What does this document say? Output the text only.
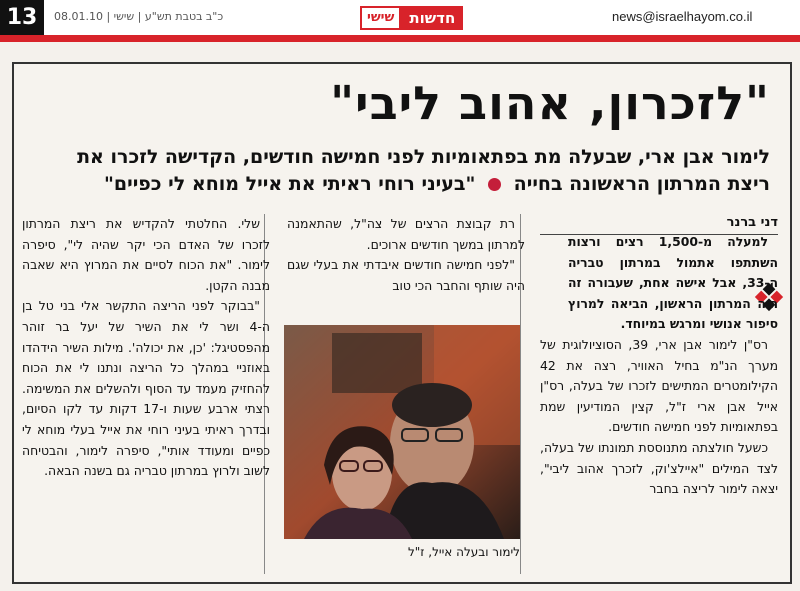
13	כ"ב בטבת תש"ע | שישי | 08.01.10	חדשות
שישי	news@israelhayom.co.il
"לזכרון, אהוב ליבי"
לימור אבן ארי, שבעלה מת בפתאומיות לפני חמישה חודשים, הקדישה לזכרו את
ריצת המרתון הראשונה בחייה  "בעיני רוחי ראיתי את אייל מוחא לי כפיים"
דני ברנר

למעלה מ-1,500 רצים ורצות השתתפו אתמול במרתון טבריה ה-33, אבל אישה אחת, שעבורה זה היה המרתון הראשון, הביאה למרוץ סיפור אנושי ומרגש במיוחד.

רס"ן לימור אבן ארי, 39, הסוציולוגית של מערך הנ"מ בחיל האוויר, רצה את 42 הקילומטרים המתישים לזכרו של בעלה, רס"ן אייל אבן ארי ז"ל, קצין המודיעין שמת בפתאומיות לפני חמישה חודשים.

כשעל חולצתה מתנוססת תמונתו של בעלה, לצד המילים "איילצ'וק, לזכרך אהוב ליבי", יצאה לימור לריצה בחבר

רת קבוצת הרצים של צה"ל, שהתאמנה למרתון במשך חודשים ארוכים.

"לפני חמישה חודשים איבדתי את בעלי שגם היה שותף והחבר הכי טוב

לימור ובעלה אייל, ז"ל

שלי. החלטתי להקדיש את ריצת המרתון לזכרו של האדם הכי יקר שהיה לי", סיפרה לימור. "את הכוח לסיים את המרוץ היא שאבה מבנה הקטן.

"בבוקר לפני הריצה התקשר אלי בני טל בן ה-4 ושר לי את השיר של יעל בר זוהר מהפסטיגל: 'כן, את יכולה'. מילות השיר הידהדו באוזניי במהלך כל הריצה ונתנו לי את הכוח להחזיק מעמד עד הסוף ולהשלים את המשימה. רצתי ארבע שעות ו-17 דקות עד לקו הסיום, ובדרך ראיתי בעיני רוחי את אייל בעלי מוחא לי כפיים ומעודד אותי", סיפרה לימור, והבטיחה לשוב ולרוץ במרתון טבריה גם בשנה הבאה.
